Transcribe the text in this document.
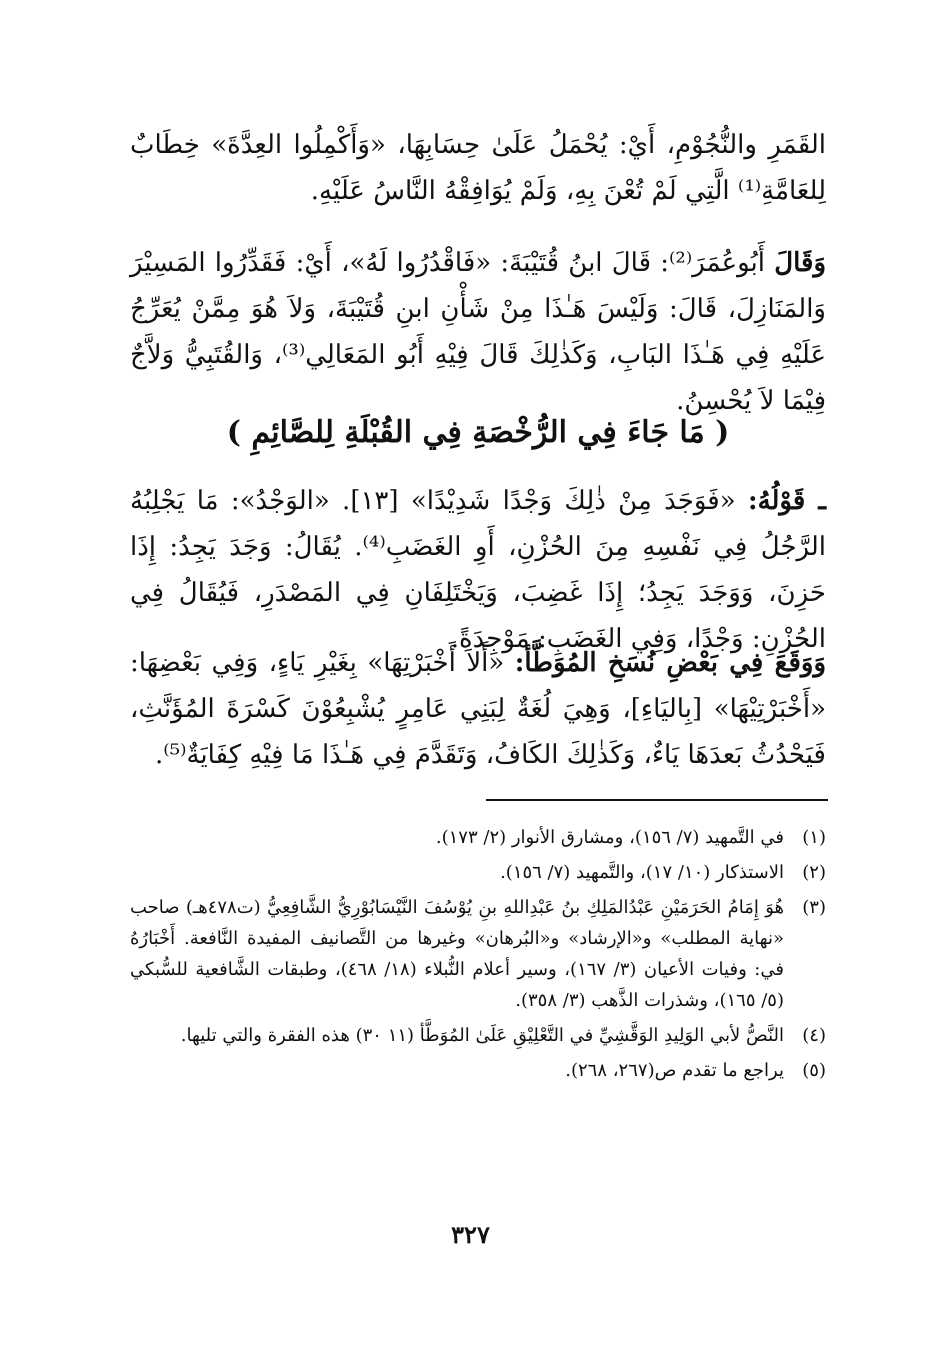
القَمَرِ والنُّجُوْمِ، أَيْ: يُحْمَلُ عَلَىٰ حِسَابِهَا، «وَأَكْمِلُوا العِدَّةَ» خِطَابٌ لِلعَامَّةِ⁽¹⁾ الَّتِي لَمْ تُعْنَ بِهِ، وَلَمْ يُوَافِقْهُ النَّاسُ عَلَيْهِ.

وَقَالَ أَبُوعُمَرَ⁽²⁾: قَالَ ابنُ قُتَيْبَةَ: «فَاقْدُرُوا لَهُ»، أَيْ: فَقَدِّرُوا المَسِيْرَ وَالمَنَازِلَ، قَالَ: وَلَيْسَ هَـٰذَا مِنْ شَأْنِ ابنِ قُتَيْبَةَ، وَلاَ هُوَ مِمَّنْ يُعَرِّجُ عَلَيْهِ فِي هَـٰذَا البَابِ، وَكَذٰلِكَ قَالَ فِيْهِ أَبُو المَعَالِي⁽³⁾، وَالقُتَبِيُّ وَلاَّجٌ فِيْمَا لاَ يُحْسِنُ.

( مَا جَاءَ فِي الرُّخْصَةِ فِي القُبْلَةِ لِلصَّائِمِ )

ـ قَوْلُهُ: «فَوَجَدَ مِنْ ذٰلِكَ وَجْدًا شَدِيْدًا» [١٣]. «الوَجْدُ»: مَا يَجْلِبُهُ الرَّجُلُ فِي نَفْسِهِ مِنَ الحُزْنِ، أَوِ الغَضَبِ⁽⁴⁾. يُقَالُ: وَجَدَ يَجِدُ: إِذَا حَزِنَ، وَوَجَدَ يَجِدُ؛ إِذَا غَضِبَ، وَيَخْتَلِفَانِ فِي المَصْدَرِ، فَيُقَالُ فِي الحُزْنِ: وَجْدًا، وَفِي الغَضَبِ: مَوْجِدَةً.

وَوَقَعَ فِي بَعْضِ نُسَخِ المُوَطَّأ: «أَلاَ أَخْبَرْتِهَا» بِغَيْرِ يَاءٍ، وَفِي بَعْضِهَا: «أَخْبَرْتِيْهَا» [بِاليَاءِ]، وَهِيَ لُغَةٌ لِبَنِي عَامِرٍ يُشْبِعُوْنَ كَسْرَةَ المُؤَنَّثِ، فَيَحْدُثُ بَعدَهَا يَاءٌ، وَكَذٰلِكَ الكَافُ، وَتَقَدَّمَ فِي هَـٰذَا مَا فِيْهِ كِفَايَةٌ⁽⁵⁾.

(١)
في التَّمهيد (٧/ ١٥٦)، ومشارق الأنوار (٢/ ١٧٣).
(٢)
الاستذكار (١٠/ ١٧)، والتَّمهيد (٧/ ١٥٦).
(٣)
هُوَ إِمَامُ الحَرَمَيْنِ عَبْدُالمَلِكِ بنُ عَبْدِاللهِ بنِ يُوْسُفَ النَّيْسَابُوْرِيُّ الشَّافِعِيُّ (ت٤٧٨هـ) صاحب «نهاية المطلب» و«الإرشاد» و«البُرهان» وغيرها من التَّصانيف المفيدة النَّافعة. أَخْبَارُهُ في: وفيات الأعيان (٣/ ١٦٧)، وسير أعلام النُّبلاء (١٨/ ٤٦٨)، وطبقات الشَّافعية للسُّبكي (٥/ ١٦٥)، وشذرات الذَّهب (٣/ ٣٥٨).
(٤)
النَّصُّ لأبي الوَلِيدِ الوَقَّشِيِّ في التَّعْلِيْقِ عَلَىٰ المُوَطَّأ (١١ ٣٠) هذه الفقرة والتي تليها.
(٥)
يراجع ما تقدم ص(٢٦٧، ٢٦٨).
٣٢٧
